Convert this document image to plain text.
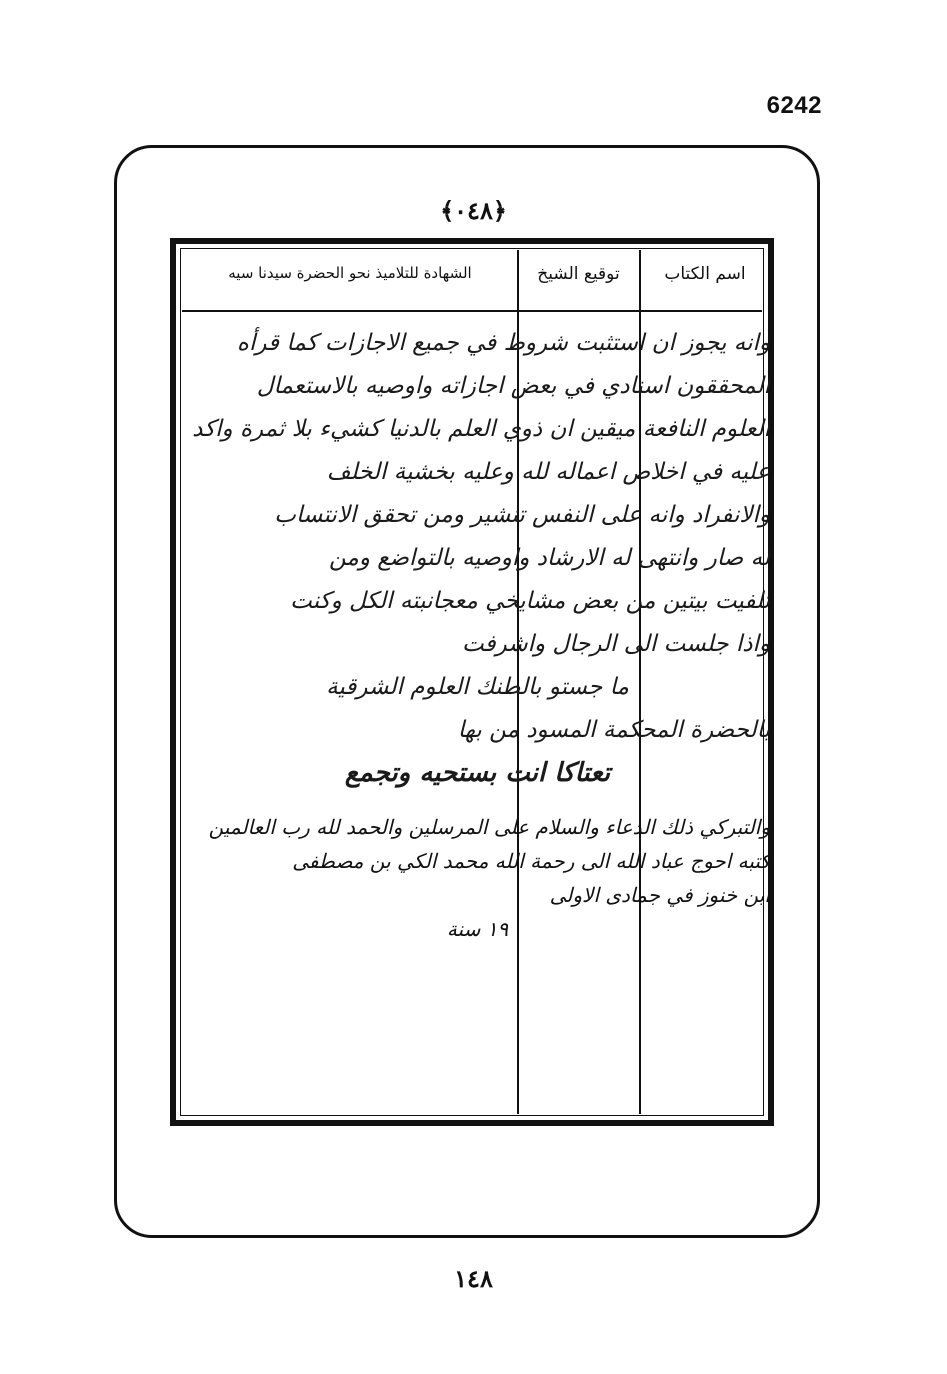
6242
﴿٠٤٨﴾
اسم الكتاب
توقيع الشيخ
الشهادة للتلاميذ نحو الحضرة سيدنا سيه
وانه يجوز ان استثبت شروط في جميع الاجازات كما قرأه
المحققون اسنادي في بعض اجازاته واوصيه بالاستعمال
العلوم النافعة ميقين ان ذوي العلم بالدنيا كشيء بلا ثمرة واكد
عليه في اخلاص اعماله لله وعليه بخشية الخلف
والانفراد وانه على النفس تنشير ومن تحقق الانتساب
له صار وانتهى له الارشاد واوصيه بالتواضع ومن
تلفيت بيتين من بعض مشايخي معجانبته الكل وكنت
واذا جلست الى الرجال واشرفت
ما جستو بالطنك العلوم الشرقية
بالحضرة المحكمة المسود من بها
تعتاكا انت بستحيه وتجمع
والتبركي ذلك الدعاء والسلام على المرسلين والحمد لله رب العالمين
كتبه احوج عباد الله الى رحمة الله محمد الكي بن مصطفى
ابن خنوز في جمادى الاولى
١٩ سنة
١٤٨
